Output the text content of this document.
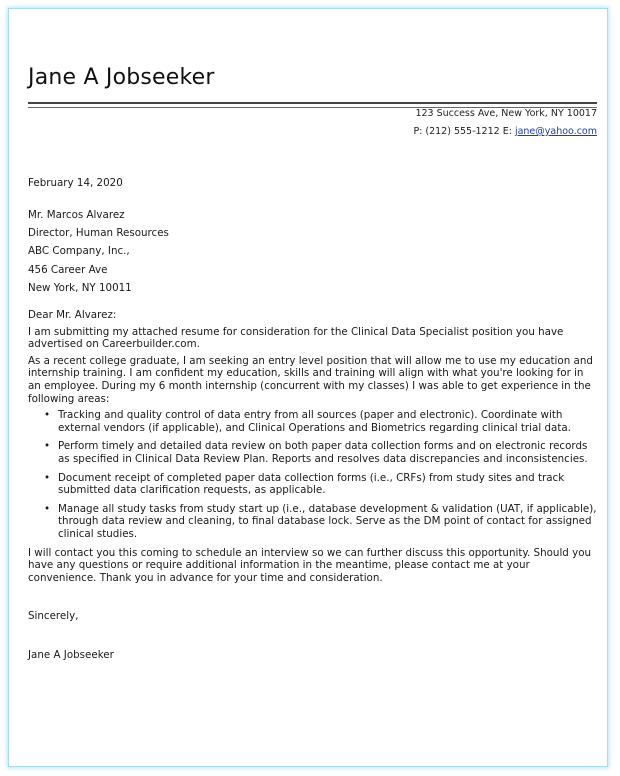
Jane A Jobseeker
123 Success Ave, New York, NY 10017
P: (212) 555-1212 E: jane@yahoo.com

February 14, 2020

Mr. Marcos Alvarez

Director, Human Resources

ABC Company, Inc.,

456 Career Ave

New York, NY 10011

Dear Mr. Alvarez:

I am submitting my attached resume for consideration for the Clinical Data Specialist position you have advertised on Careerbuilder.com.

As a recent college graduate, I am seeking an entry level position that will allow me to use my education and internship training. I am confident my education, skills and training will align with what you're looking for in an employee. During my 6 month internship (concurrent with my classes) I was able to get experience in the following areas:

• Tracking and quality control of data entry from all sources (paper and electronic). Coordinate with external vendors (if applicable), and Clinical Operations and Biometrics regarding clinical trial data.
• Perform timely and detailed data review on both paper data collection forms and on electronic records as specified in Clinical Data Review Plan. Reports and resolves data discrepancies and inconsistencies.
• Document receipt of completed paper data collection forms (i.e., CRFs) from study sites and track submitted data clarification requests, as applicable.
• Manage all study tasks from study start up (i.e., database development & validation (UAT, if applicable), through data review and cleaning, to final database lock. Serve as the DM point of contact for assigned clinical studies.

I will contact you this coming to schedule an interview so we can further discuss this opportunity. Should you have any questions or require additional information in the meantime, please contact me at your convenience. Thank you in advance for your time and consideration.

Sincerely,

Jane A Jobseeker
